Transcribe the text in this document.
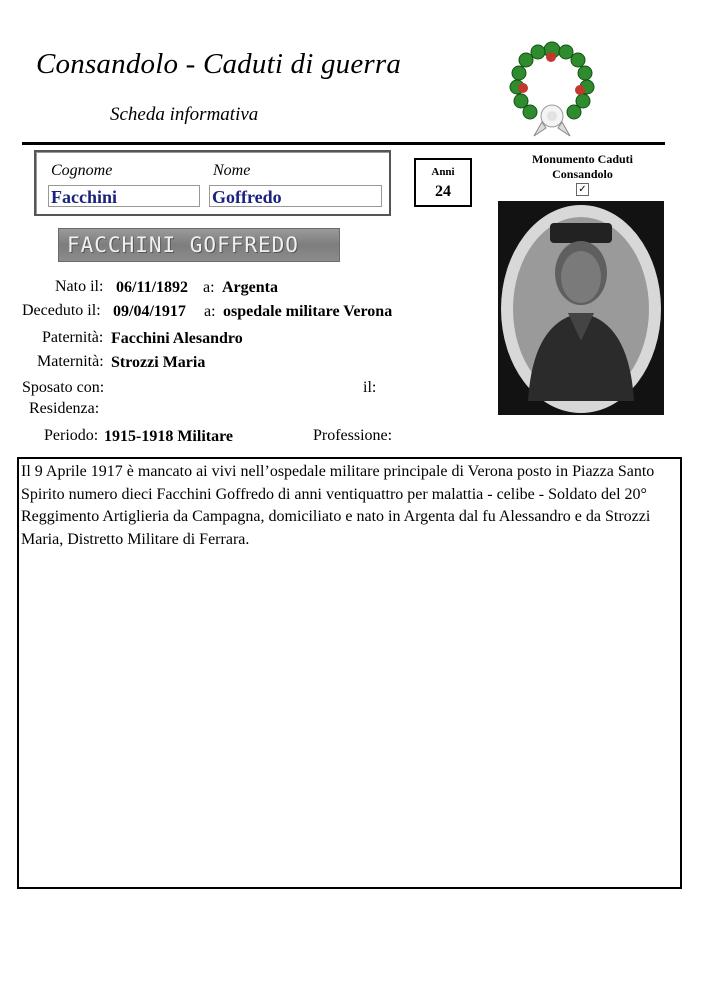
Consandolo - Caduti di guerra
Scheda informativa
Cognome	Nome
Facchini	Goffredo
Anni
24
Monumento Caduti
Consandolo
✓
FACCHINI GOFFREDO
Nato il: 06/11/1892 a: Argenta
Deceduto il: 09/04/1917 a: ospedale militare Verona
Paternità: Facchini Alesandro
Maternità: Strozzi Maria
Sposato con:	il:
Residenza:
Periodo: 1915-1918 Militare	Professione:
Il 9 Aprile 1917 è mancato ai vivi nell’ospedale militare principale di Verona posto in Piazza Santo
Spirito numero dieci Facchini Goffredo di anni ventiquattro per malattia - celibe - Soldato del 20°
Reggimento Artiglieria da Campagna, domiciliato e nato in Argenta dal fu Alessandro e da Strozzi
Maria, Distretto Militare di Ferrara.
